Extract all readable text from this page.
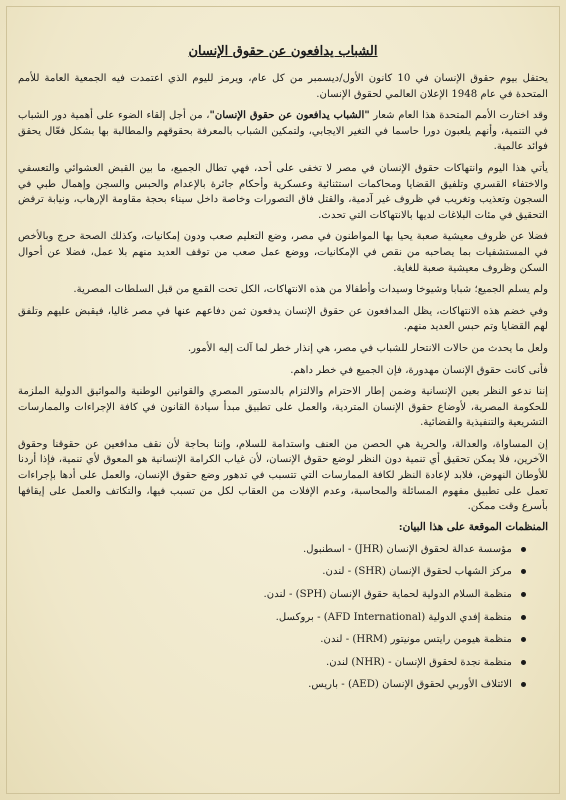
الشباب يدافعون عن حقوق الإنسان

يحتفل بيوم حقوق الإنسان في 10 كانون الأول/ديسمبر من كل عام، ويرمز لليوم الذي اعتمدت فيه الجمعية العامة للأمم المتحدة في عام 1948 الإعلان العالمي لحقوق الإنسان.

وقد اختارت الأمم المتحدة هذا العام شعار "الشباب يدافعون عن حقوق الإنسان"، من أجل إلقاء الضوء على أهمية دور الشباب في التنمية، وأنهم يلعبون دورا حاسما في التغير الايجابي، ولتمكين الشباب بالمعرفة بحقوقهم والمطالبة بها بشكل فعّال يحقق فوائد عالمية.

يأتي هذا اليوم وانتهاكات حقوق الإنسان في مصر لا تخفى على أحد، فهي تطال الجميع، ما بين القبض العشوائي والتعسفي والاختفاء القسري وتلفيق القضايا ومحاكمات استثنائية وعسكرية وأحكام جائرة بالإعدام والحبس والسجن وإهمال طبي في السجون وتعذيب وتغريب في ظروف غير آدمية، والقتل فاق التصورات وخاصة داخل سيناء بحجة مقاومة الإرهاب، ونيابة ترفض التحقيق في مئات البلاغات لديها بالانتهاكات التي تحدث.

فضلا عن ظروف معيشية صعبة يحيا بها المواطنون في مصر، وضع التعليم صعب ودون إمكانيات، وكذلك الصحة حرج وبالأخص في المستشفيات بما يصاحبه من نقص في الإمكانيات، ووضع عمل صعب من توقف العديد منهم بلا عمل، فضلا عن أحوال السكن وظروف معيشية صعبة للغاية.

ولم يسلم الجميع؛ شبابا وشيوخا وسيدات وأطفالا من هذه الانتهاكات، الكل تحت القمع من قبل السلطات المصرية.

وفي خضم هذه الانتهاكات، يظل المدافعون عن حقوق الإنسان يدفعون ثمن دفاعهم عنها في مصر غاليا، فيقبض عليهم وتلفق لهم القضايا وتم حبس العديد منهم.

ولعل ما يحدث من حالات الانتحار للشباب في مصر، هي إنذار خطر لما آلت إليه الأمور.

فأنى كانت حقوق الإنسان مهدورة، فإن الجميع في خطر داهم.

إننا ندعو النظر بعين الإنسانية وضمن إطار الاحترام والالتزام بالدستور المصري والقوانين الوطنية والمواثيق الدولية الملزمة للحكومة المصرية، لأوضاع حقوق الإنسان المتردية، والعمل على تطبيق مبدأ سيادة القانون في كافة الإجراءات والممارسات التشريعية والتنفيذية والقضائية.

إن المساواة، والعدالة، والحرية هي الحصن من العنف واستدامة للسلام، وإننا بحاجة لأن نقف مدافعين عن حقوقنا وحقوق الآخرين، فلا يمكن تحقيق أي تنمية دون النظر لوضع حقوق الإنسان، لأن غياب الكرامة الإنسانية هو المعوق لأي تنمية، فإذا أردنا للأوطان النهوض، فلابد لإعادة النظر لكافة الممارسات التي تتسبب في تدهور وضع حقوق الإنسان، والعمل على أدها بإجراءات تعمل على تطبيق مفهوم المسائلة والمحاسبة، وعدم الإفلات من العقاب لكل من تسبب فيها، والتكاتف والعمل على إيقافها بأسرع وقت ممكن.

المنظمات الموقعة على هذا البيان:
مؤسسة عدالة لحقوق الإنسان (JHR) - اسطنبول.
مركز الشهاب لحقوق الإنسان (SHR) - لندن.
منظمة السلام الدولية لحماية حقوق الإنسان (SPH) - لندن.
منظمة إفدي الدولية (AFD International) - بروكسل.
منظمة هيومن رايتس مونيتور (HRM) - لندن.
منظمة نجدة لحقوق الإنسان - (NHR) لندن.
الائتلاف الأوربي لحقوق الإنسان (AED) - باريس.
